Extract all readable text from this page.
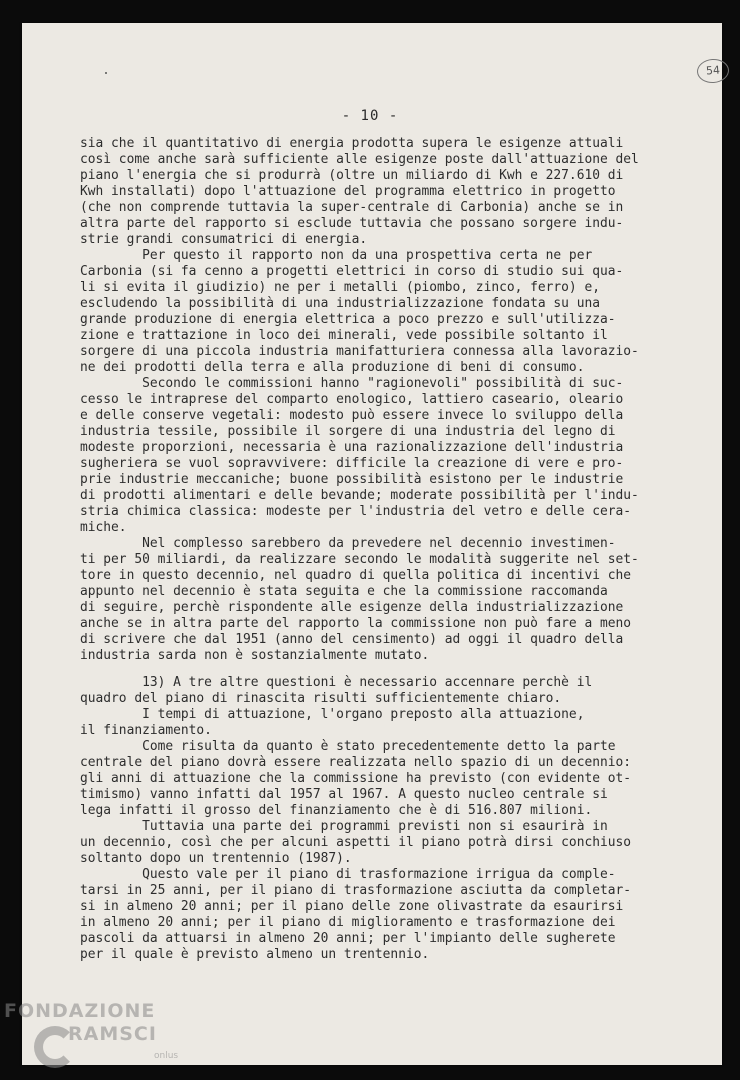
54
- 10 -
sia che il quantitativo di energia prodotta supera le esigenze attuali
così come anche sarà sufficiente alle esigenze poste dall'attuazione del
piano l'energia che si produrrà (oltre un miliardo di Kwh e 227.610 di
Kwh installati) dopo l'attuazione del programma elettrico in progetto
(che non comprende tuttavia la super-centrale di Carbonia) anche se in
altra parte del rapporto si esclude tuttavia che possano sorgere indu-
strie grandi consumatrici di energia.
Per questo il rapporto non da una prospettiva certa ne per
Carbonia (si fa cenno a progetti elettrici in corso di studio sui qua-
li si evita il giudizio) ne per i metalli (piombo, zinco, ferro) e,
escludendo la possibilità di una industrializzazione fondata su una
grande produzione di energia elettrica a poco prezzo e sull'utilizza-
zione e trattazione in loco dei minerali, vede possibile soltanto il
sorgere di una piccola industria manifatturiera connessa alla lavorazio-
ne dei prodotti della terra e alla produzione di beni di consumo.
Secondo le commissioni hanno "ragionevoli" possibilità di suc-
cesso le intraprese del comparto enologico, lattiero caseario, oleario
e delle conserve vegetali: modesto può essere invece lo sviluppo della
industria tessile, possibile il sorgere di una industria del legno di
modeste proporzioni, necessaria è una razionalizzazione dell'industria
sugheriera se vuol sopravvivere: difficile la creazione di vere e pro-
prie industrie meccaniche; buone possibilità esistono per le industrie
di prodotti alimentari e delle bevande; moderate possibilità per l'indu-
stria chimica classica: modeste per l'industria del vetro e delle cera-
miche.
Nel complesso sarebbero da prevedere nel decennio investimen-
ti per 50 miliardi, da realizzare secondo le modalità suggerite nel set-
tore in questo decennio, nel quadro di quella politica di incentivi che
appunto nel decennio è stata seguita e che la commissione raccomanda
di seguire, perchè rispondente alle esigenze della industrializzazione
anche se in altra parte del rapporto la commissione non può fare a meno
di scrivere che dal 1951 (anno del censimento) ad oggi il quadro della
industria sarda non è sostanzialmente mutato.
13) A tre altre questioni è necessario accennare perchè il
quadro del piano di rinascita risulti sufficientemente chiaro.
I tempi di attuazione, l'organo preposto alla attuazione,
il finanziamento.
Come risulta da quanto è stato precedentemente detto la parte
centrale del piano dovrà essere realizzata nello spazio di un decennio:
gli anni di attuazione che la commissione ha previsto (con evidente ot-
timismo) vanno infatti dal 1957 al 1967. A questo nucleo centrale si
lega infatti il grosso del finanziamento che è di 516.807 milioni.
Tuttavia una parte dei programmi previsti non si esaurirà in
un decennio, così che per alcuni aspetti il piano potrà dirsi conchiuso
soltanto dopo un trentennio (1987).
Questo vale per il piano di trasformazione irrigua da comple-
tarsi in 25 anni, per il piano di trasformazione asciutta da completar-
si in almeno 20 anni; per il piano delle zone olivastrate da esaurirsi
in almeno 20 anni; per il piano di miglioramento e trasformazione dei
pascoli da attuarsi in almeno 20 anni; per l'impianto delle sugherete
per il quale è previsto almeno un trentennio.
FONDAZIONE
RAMSCI
onlus
